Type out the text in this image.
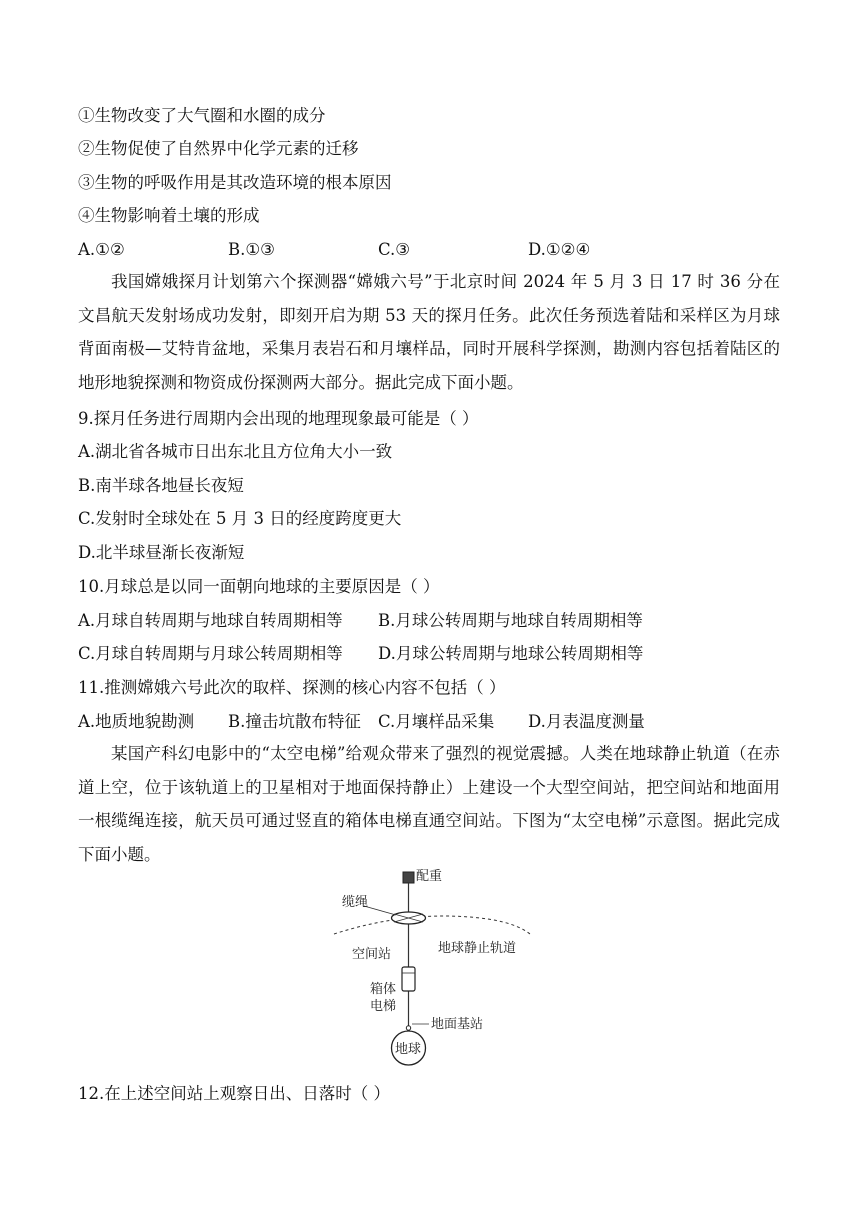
①生物改变了大气圈和水圈的成分
②生物促使了自然界中化学元素的迁移
③生物的呼吸作用是其改造环境的根本原因
④生物影响着土壤的形成
A.①②	B.①③	C.③	D.①②④
我国嫦娥探月计划第六个探测器“嫦娥六号”于北京时间 2024 年 5 月 3 日 17 时 36 分在文昌航天发射场成功发射，即刻开启为期 53 天的探月任务。此次任务预选着陆和采样区为月球背面南极—艾特肯盆地，采集月表岩石和月壤样品，同时开展科学探测，勘测内容包括着陆区的地形地貌探测和物资成份探测两大部分。据此完成下面小题。
9.探月任务进行周期内会出现的地理现象最可能是（ ）
A.湖北省各城市日出东北且方位角大小一致
B.南半球各地昼长夜短
C.发射时全球处在 5 月 3 日的经度跨度更大
D.北半球昼渐长夜渐短
10.月球总是以同一面朝向地球的主要原因是（ ）
A.月球自转周期与地球自转周期相等 B.月球公转周期与地球自转周期相等
C.月球自转周期与月球公转周期相等 D.月球公转周期与地球公转周期相等
11.推测嫦娥六号此次的取样、探测的核心内容不包括（ ）
A.地质地貌勘测 B.撞击坑散布特征 C.月壤样品采集 D.月表温度测量
某国产科幻电影中的“太空电梯”给观众带来了强烈的视觉震撼。人类在地球静止轨道（在赤道上空，位于该轨道上的卫星相对于地面保持静止）上建设一个大型空间站，把空间站和地面用一根缆绳连接，航天员可通过竖直的箱体电梯直通空间站。下图为“太空电梯”示意图。据此完成下面小题。
配重
缆绳
空间站	地球静止轨道
箱体
电梯
地面基站
地球
12.在上述空间站上观察日出、日落时（ ）
